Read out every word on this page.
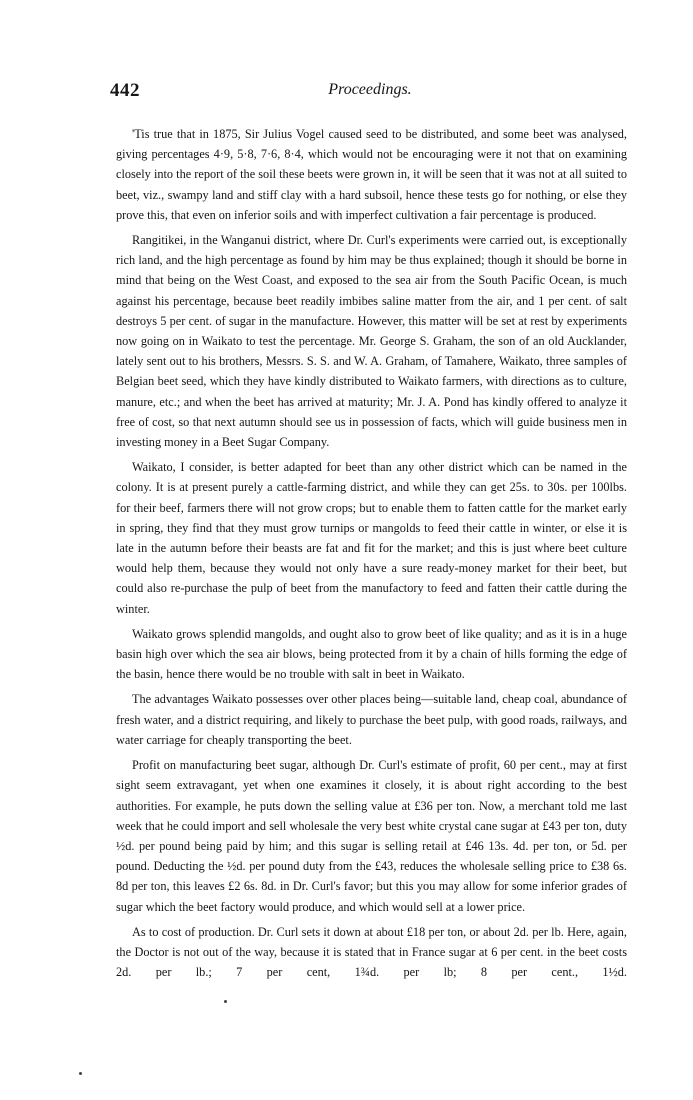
442	Proceedings.

'Tis true that in 1875, Sir Julius Vogel caused seed to be distributed, and some beet was analysed, giving percentages 4·9, 5·8, 7·6, 8·4, which would not be encouraging were it not that on examining closely into the report of the soil these beets were grown in, it will be seen that it was not at all suited to beet, viz., swampy land and stiff clay with a hard subsoil, hence these tests go for nothing, or else they prove this, that even on inferior soils and with imperfect cultivation a fair percentage is produced.

Rangitikei, in the Wanganui district, where Dr. Curl's experiments were carried out, is exceptionally rich land, and the high percentage as found by him may be thus explained; though it should be borne in mind that being on the West Coast, and exposed to the sea air from the South Pacific Ocean, is much against his percentage, because beet readily imbibes saline matter from the air, and 1 per cent. of salt destroys 5 per cent. of sugar in the manufacture. However, this matter will be set at rest by experiments now going on in Waikato to test the percentage. Mr. George S. Graham, the son of an old Aucklander, lately sent out to his brothers, Messrs. S. S. and W. A. Graham, of Tamahere, Waikato, three samples of Belgian beet seed, which they have kindly distributed to Waikato farmers, with directions as to culture, manure, etc.; and when the beet has arrived at maturity; Mr. J. A. Pond has kindly offered to analyze it free of cost, so that next autumn should see us in possession of facts, which will guide business men in investing money in a Beet Sugar Company.

Waikato, I consider, is better adapted for beet than any other district which can be named in the colony. It is at present purely a cattle-farming district, and while they can get 25s. to 30s. per 100lbs. for their beef, farmers there will not grow crops; but to enable them to fatten cattle for the market early in spring, they find that they must grow turnips or mangolds to feed their cattle in winter, or else it is late in the autumn before their beasts are fat and fit for the market; and this is just where beet culture would help them, because they would not only have a sure ready-money market for their beet, but could also re-purchase the pulp of beet from the manufactory to feed and fatten their cattle during the winter.

Waikato grows splendid mangolds, and ought also to grow beet of like quality; and as it is in a huge basin high over which the sea air blows, being protected from it by a chain of hills forming the edge of the basin, hence there would be no trouble with salt in beet in Waikato.

The advantages Waikato possesses over other places being—suitable land, cheap coal, abundance of fresh water, and a district requiring, and likely to purchase the beet pulp, with good roads, railways, and water carriage for cheaply transporting the beet.

Profit on manufacturing beet sugar, although Dr. Curl's estimate of profit, 60 per cent., may at first sight seem extravagant, yet when one examines it closely, it is about right according to the best authorities. For example, he puts down the selling value at £36 per ton. Now, a merchant told me last week that he could import and sell wholesale the very best white crystal cane sugar at £43 per ton, duty ½d. per pound being paid by him; and this sugar is selling retail at £46 13s. 4d. per ton, or 5d. per pound. Deducting the ½d. per pound duty from the £43, reduces the wholesale selling price to £38 6s. 8d per ton, this leaves £2 6s. 8d. in Dr. Curl's favor; but this you may allow for some inferior grades of sugar which the beet factory would produce, and which would sell at a lower price.

As to cost of production. Dr. Curl sets it down at about £18 per ton, or about 2d. per lb. Here, again, the Doctor is not out of the way, because it is stated that in France sugar at 6 per cent. in the beet costs 2d. per lb.; 7 per cent, 1¾d. per lb; 8 per cent., 1½d.
